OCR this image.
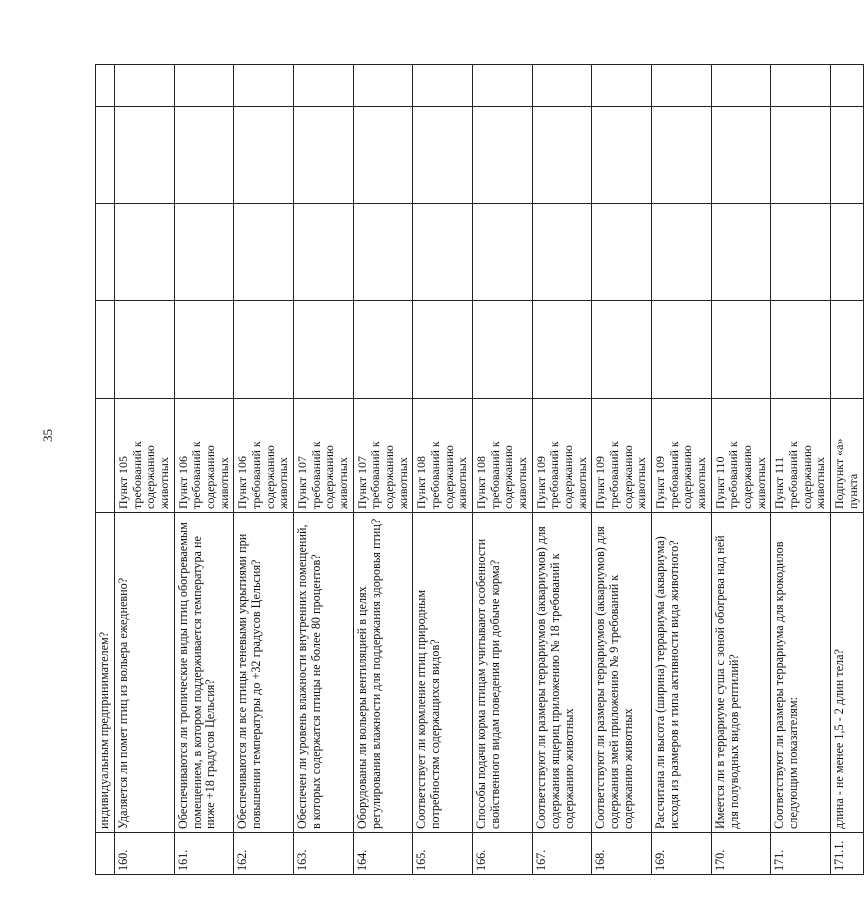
35
	индивидуальным предпринимателем?					
160.	Удаляется ли помет птиц из вольера ежедневно?	Пункт 105 требований к содержанию животных				
161.	Обеспечиваются ли тропические виды птиц обогреваемым помещением, в котором поддерживается температура не ниже +18 градусов Цельсия?	Пункт 106 требований к содержанию животных				
162.	Обеспечиваются ли все птицы теневыми укрытиями при повышении температуры до +32 градусов Цельсия?	Пункт 106 требований к содержанию животных				
163.	Обеспечен ли уровень влажности внутренних помещений, в которых содержатся птицы не более 80 процентов?	Пункт 107 требований к содержанию животных				
164.	Оборудованы ли вольеры вентиляцией в целях регулирования влажности для поддержания здоровья птиц?	Пункт 107 требований к содержанию животных				
165.	Соответствует ли кормление птиц природным потребностям содержащихся видов?	Пункт 108 требований к содержанию животных				
166.	Способы подачи корма птицам учитывают особенности свойственного видам поведения при добыче корма?	Пункт 108 требований к содержанию животных				
167.	Соответствуют ли размеры террариумов (аквариумов) для содержания ящериц приложению № 18 требований к содержанию животных	Пункт 109 требований к содержанию животных				
168.	Соответствуют ли размеры террариумов (аквариумов) для содержания змей приложению № 9 требований к содержанию животных	Пункт 109 требований к содержанию животных				
169.	Рассчитана ли высота (ширина) террариума (аквариума) исходя из размеров и типа активности вида животного?	Пункт 109 требований к содержанию животных				
170.	Имеется ли в террариуме суша с зоной обогрева над ней для полуводных видов рептилий?	Пункт 110 требований к содержанию животных				
171.	Соответствуют ли размеры террариума для крокодилов следующим показателям:	Пункт 111 требований к содержанию животных				
171.1.	длина - не менее 1,5 - 2 длин тела?	Подпункт «а» пункта				
